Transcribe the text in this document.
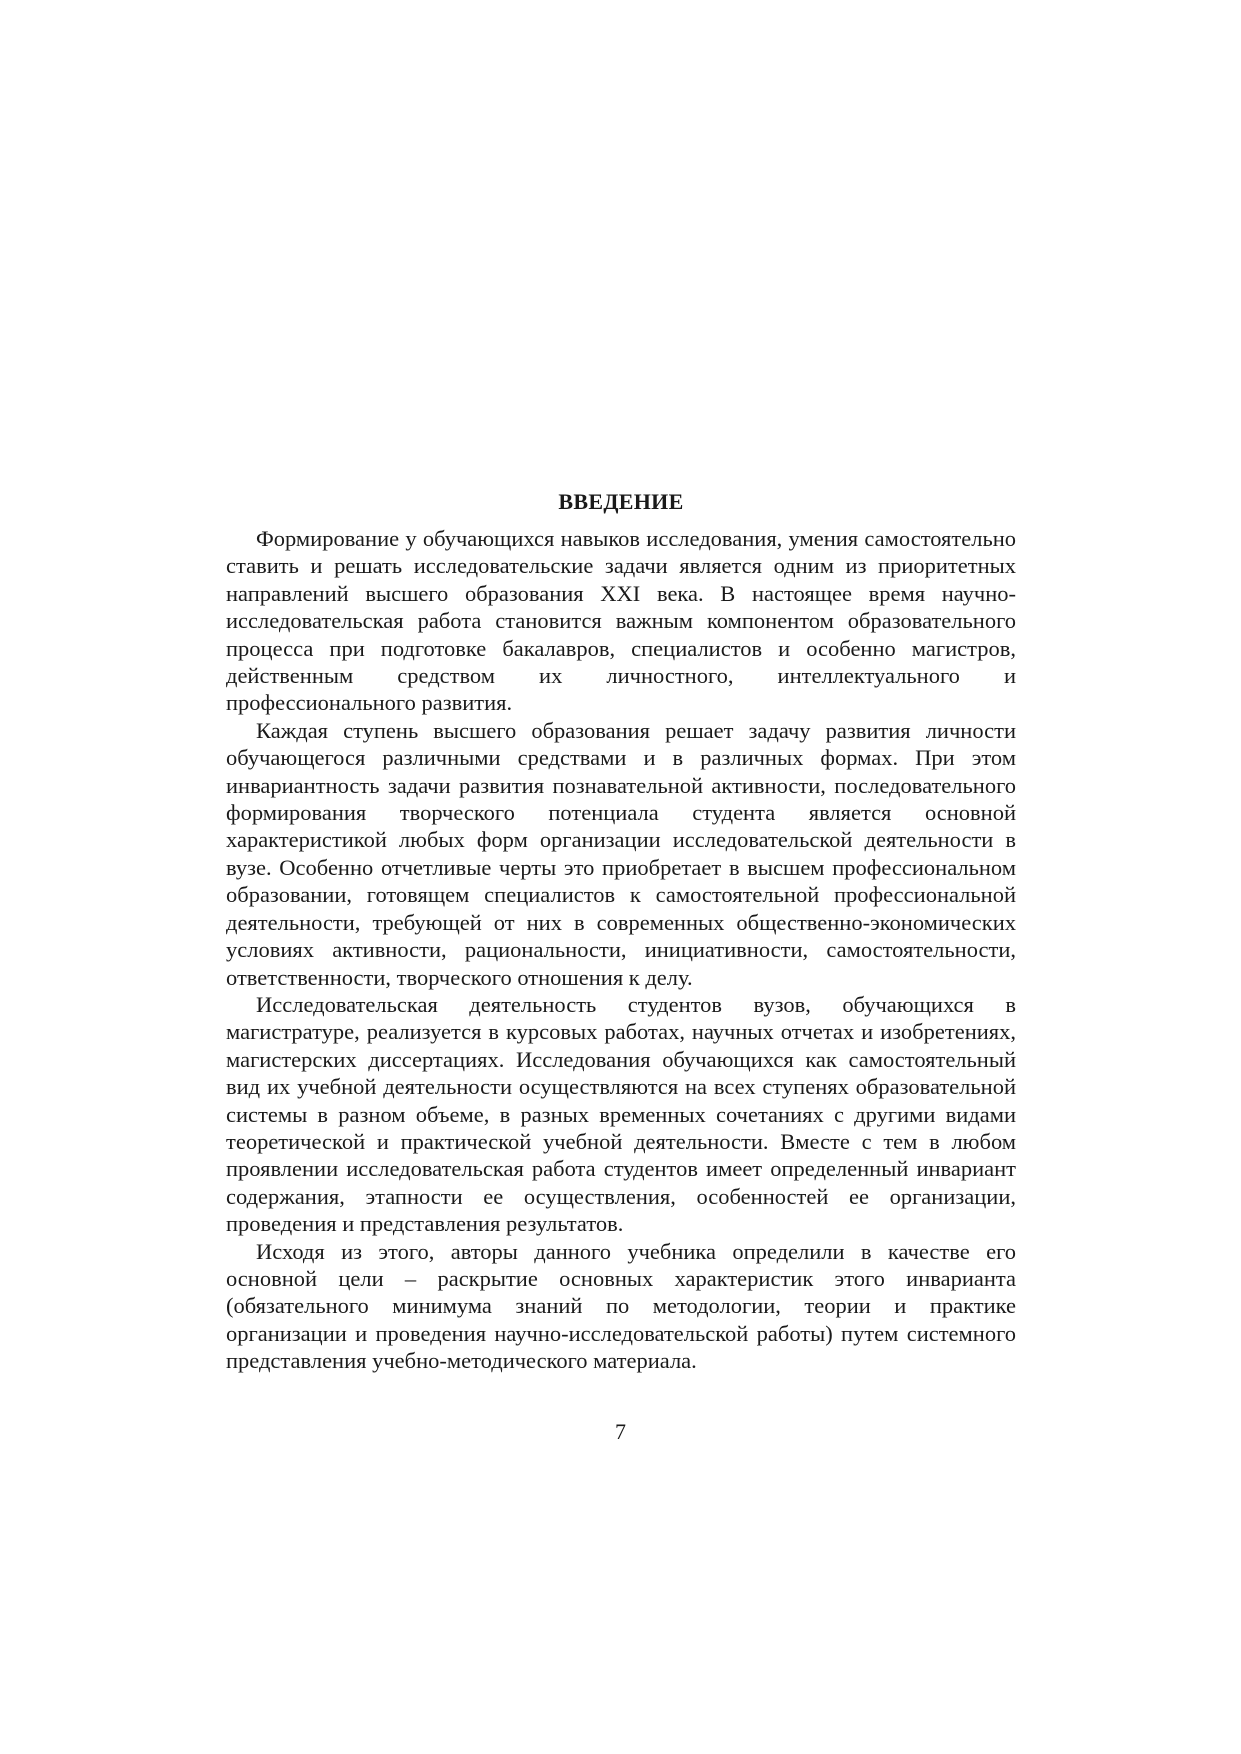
ВВЕДЕНИЕ

Формирование у обучающихся навыков исследования, умения самостоятельно ставить и решать исследовательские задачи является одним из приоритетных направлений высшего образования XXI века. В настоящее время научно-исследовательская работа становится важным компонентом образовательного процесса при подготовке бакалавров, специалистов и особенно магистров, действенным средством их личностного, интеллектуального и профессионального развития.

Каждая ступень высшего образования решает задачу развития личности обучающегося различными средствами и в различных формах. При этом инвариантность задачи развития познавательной активности, последовательного формирования творческого потенциала студента является основной характеристикой любых форм организации исследовательской деятельности в вузе. Особенно отчетливые черты это приобретает в высшем профессиональном образовании, готовящем специалистов к самостоятельной профессиональной деятельности, требующей от них в современных общественно-экономических условиях активности, рациональности, инициативности, самостоятельности, ответственности, творческого отношения к делу.

Исследовательская деятельность студентов вузов, обучающихся в магистратуре, реализуется в курсовых работах, научных отчетах и изобретениях, магистерских диссертациях. Исследования обучающихся как самостоятельный вид их учебной деятельности осуществляются на всех ступенях образовательной системы в разном объеме, в разных временных сочетаниях с другими видами теоретической и практической учебной деятельности. Вместе с тем в любом проявлении исследовательская работа студентов имеет определенный инвариант содержания, этапности ее осуществления, особенностей ее организации, проведения и представления результатов.

Исходя из этого, авторы данного учебника определили в качестве его основной цели – раскрытие основных характеристик этого инварианта (обязательного минимума знаний по методологии, теории и практике организации и проведения научно-исследовательской работы) путем системного представления учебно-методического материала.

7
